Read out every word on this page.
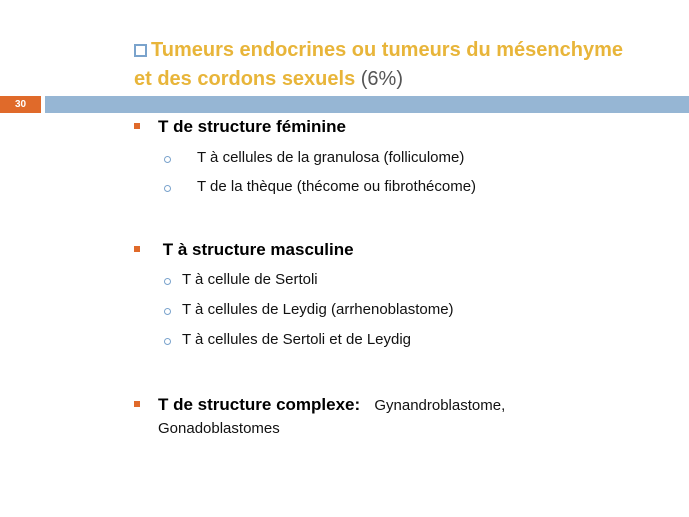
Tumeurs endocrines ou tumeurs du mésenchyme
et des cordons sexuels (6%)
30
T de structure féminine
T à cellules de la granulosa (folliculome)
T de la thèque (thécome ou fibrothécome)
T à structure masculine
T à cellule de Sertoli
T à cellules de Leydig (arrhenoblastome)
T à cellules de Sertoli et de Leydig
T de structure complexe: Gynandroblastome, Gonadoblastomes
